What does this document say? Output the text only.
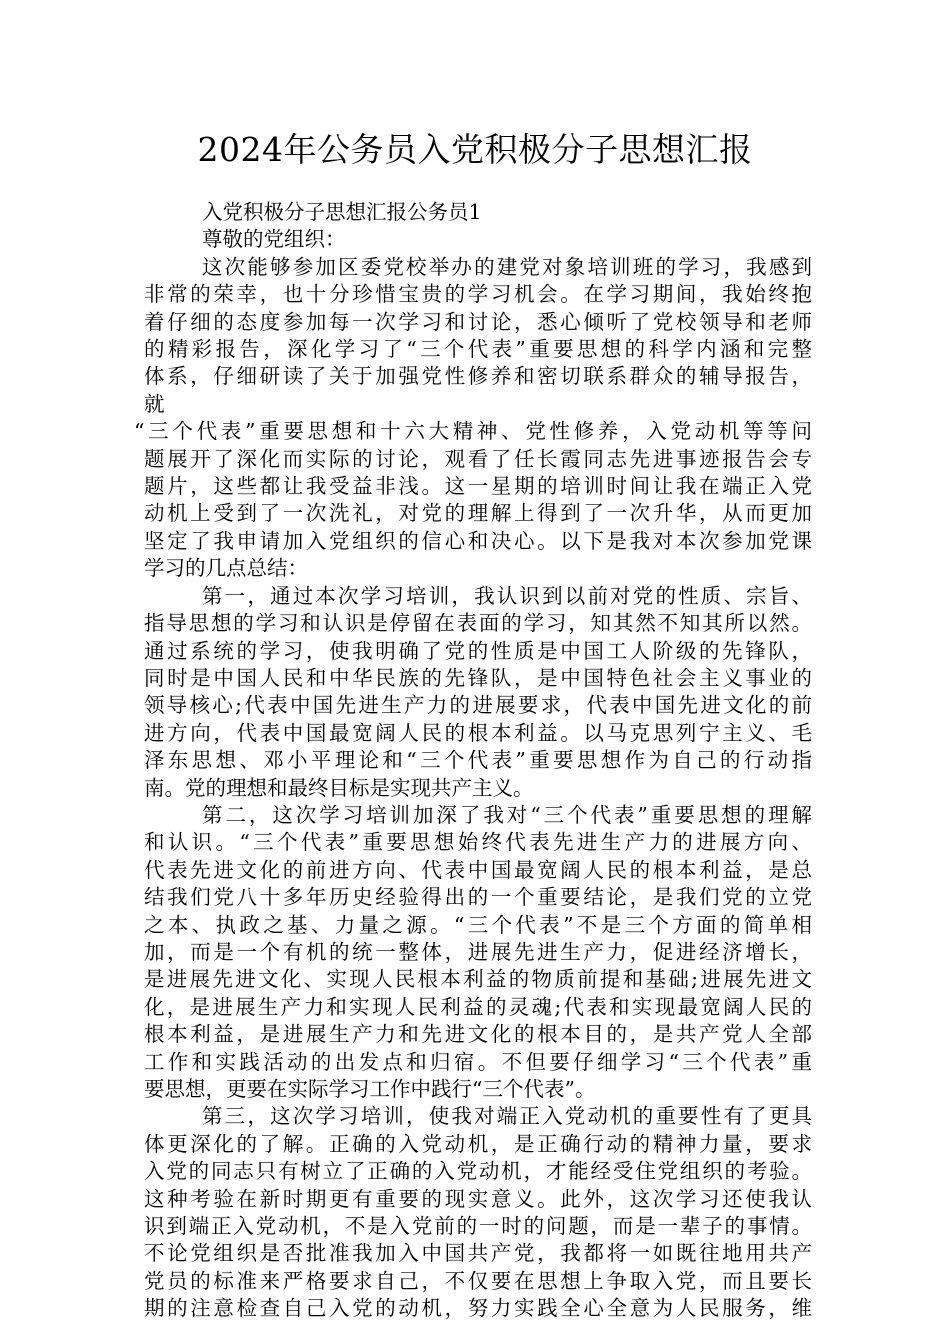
2024年公务员入党积极分子思想汇报
入党积极分子思想汇报公务员1
尊敬的党组织：
这次能够参加区委党校举办的建党对象培训班的学习，我感到
非常的荣幸，也十分珍惜宝贵的学习机会。在学习期间，我始终抱
着仔细的态度参加每一次学习和讨论，悉心倾听了党校领导和老师
的精彩报告，深化学习了“三个代表”重要思想的科学内涵和完整
体系，仔细研读了关于加强党性修养和密切联系群众的辅导报告，
就
“三个代表”重要思想和十六大精神、党性修养，入党动机等等问
题展开了深化而实际的讨论，观看了任长霞同志先进事迹报告会专
题片，这些都让我受益非浅。这一星期的培训时间让我在端正入党
动机上受到了一次洗礼，对党的理解上得到了一次升华，从而更加
坚定了我申请加入党组织的信心和决心。以下是我对本次参加党课
学习的几点总结：
第一，通过本次学习培训，我认识到以前对党的性质、宗旨、
指导思想的学习和认识是停留在表面的学习，知其然不知其所以然。
通过系统的学习，使我明确了党的性质是中国工人阶级的先锋队，
同时是中国人民和中华民族的先锋队，是中国特色社会主义事业的
领导核心;代表中国先进生产力的进展要求，代表中国先进文化的前
进方向，代表中国最宽阔人民的根本利益。以马克思列宁主义、毛
泽东思想、邓小平理论和“三个代表”重要思想作为自己的行动指
南。党的理想和最终目标是实现共产主义。
第二，这次学习培训加深了我对“三个代表”重要思想的理解
和认识。“三个代表”重要思想始终代表先进生产力的进展方向、
代表先进文化的前进方向、代表中国最宽阔人民的根本利益，是总
结我们党八十多年历史经验得出的一个重要结论，是我们党的立党
之本、执政之基、力量之源。“三个代表”不是三个方面的简单相
加，而是一个有机的统一整体，进展先进生产力，促进经济增长，
是进展先进文化、实现人民根本利益的物质前提和基础;进展先进文
化，是进展生产力和实现人民利益的灵魂;代表和实现最宽阔人民的
根本利益，是进展生产力和先进文化的根本目的，是共产党人全部
工作和实践活动的出发点和归宿。不但要仔细学习“三个代表”重
要思想，更要在实际学习工作中践行“三个代表”。
第三，这次学习培训，使我对端正入党动机的重要性有了更具
体更深化的了解。正确的入党动机，是正确行动的精神力量，要求
入党的同志只有树立了正确的入党动机，才能经受住党组织的考验。
这种考验在新时期更有重要的现实意义。此外，这次学习还使我认
识到端正入党动机，不是入党前的一时的问题，而是一辈子的事情。
不论党组织是否批准我加入中国共产党，我都将一如既往地用共产
党员的标准来严格要求自己，不仅要在思想上争取入党，而且要长
期的注意检查自己入党的动机，努力实践全心全意为人民服务，维
